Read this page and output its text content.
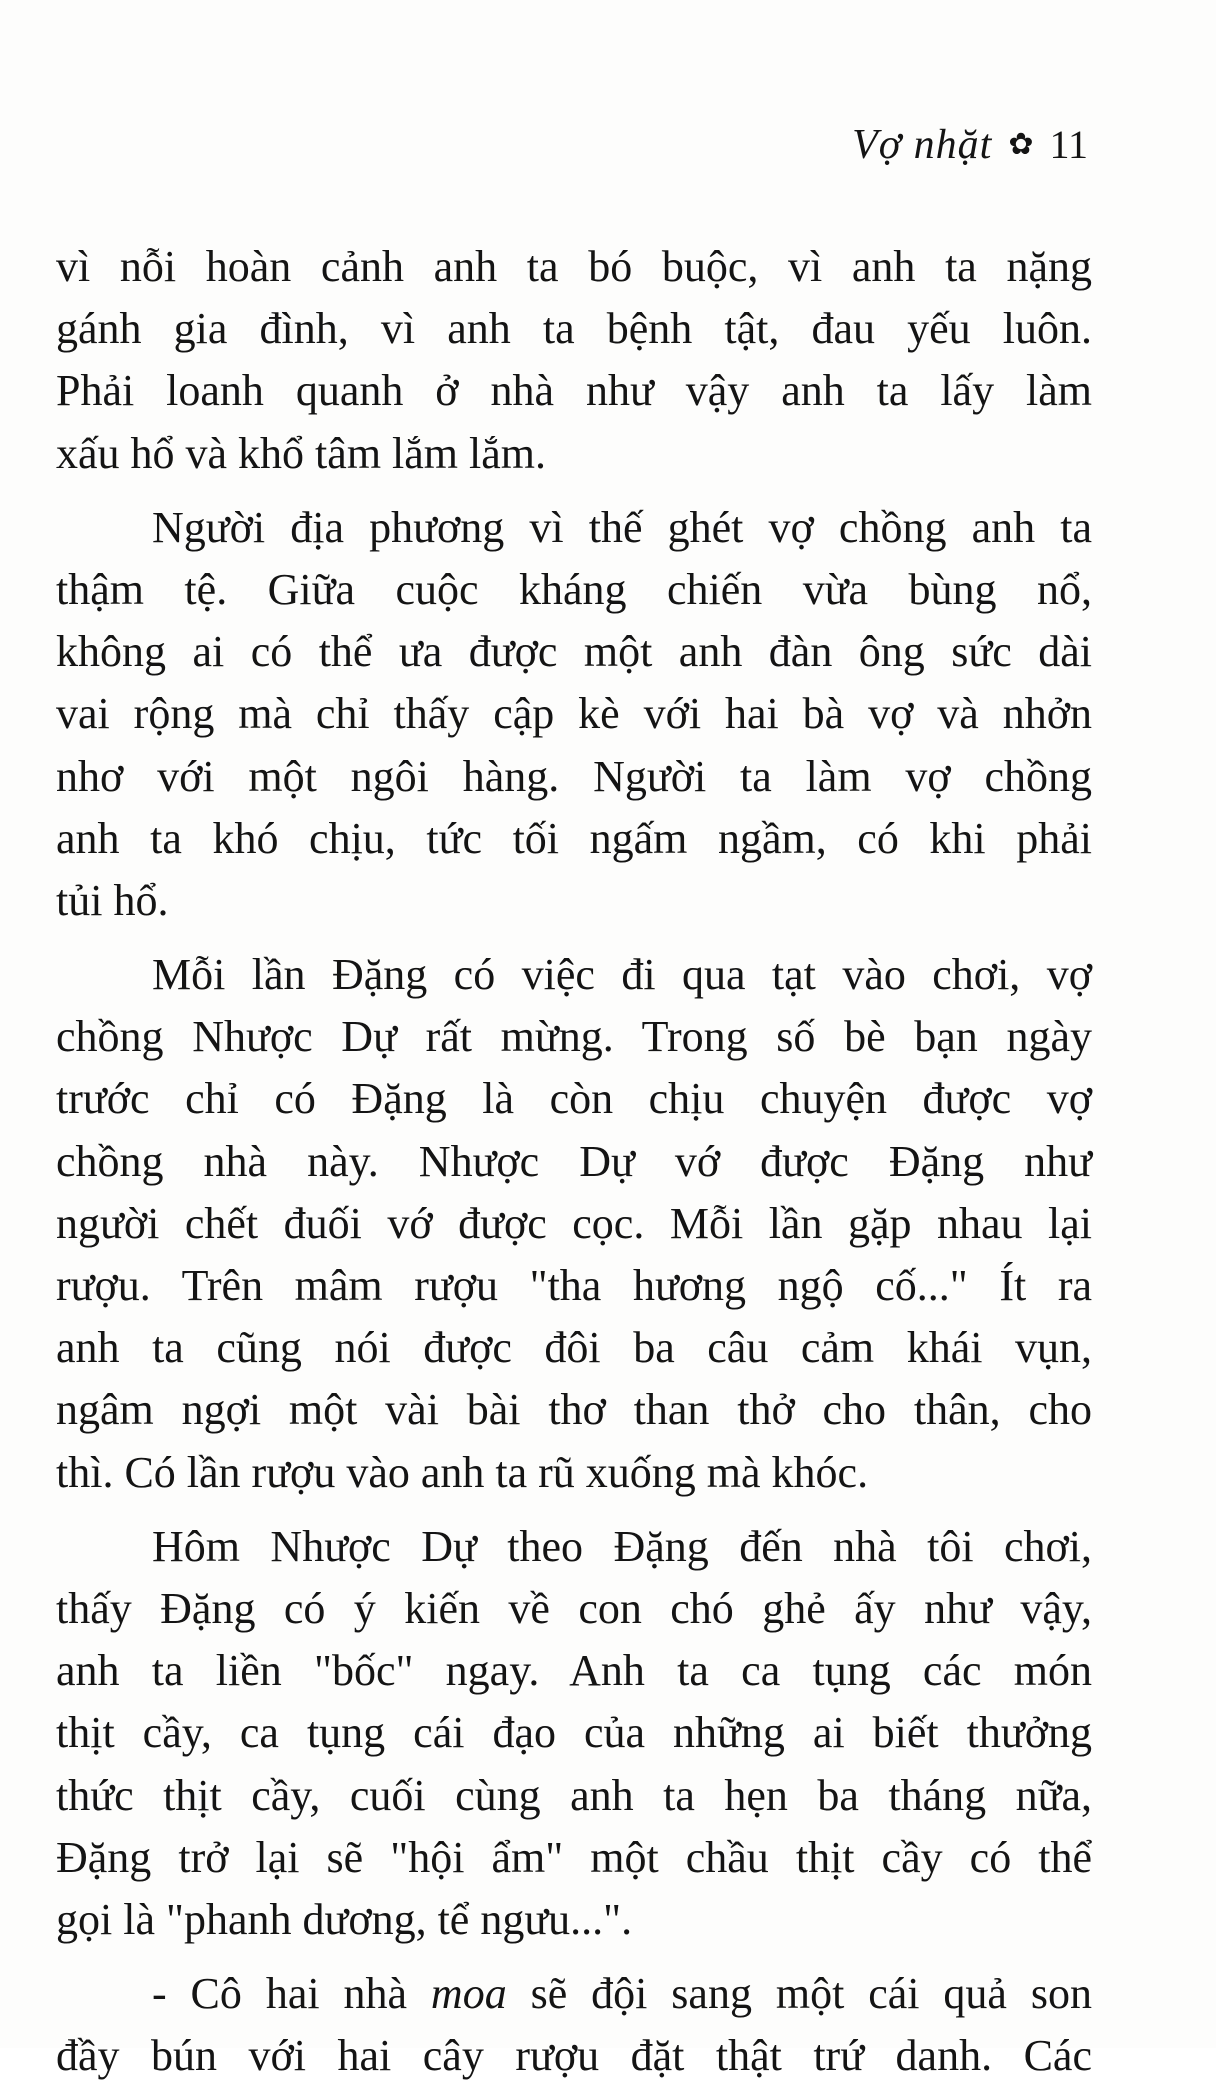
Vợ nhặt ✿ 11
vì nỗi hoàn cảnh anh ta bó buộc, vì anh ta nặng
gánh gia đình, vì anh ta bệnh tật, đau yếu luôn.
Phải loanh quanh ở nhà như vậy anh ta lấy làm
xấu hổ và khổ tâm lắm lắm.
Người địa phương vì thế ghét vợ chồng anh ta
thậm tệ. Giữa cuộc kháng chiến vừa bùng nổ,
không ai có thể ưa được một anh đàn ông sức dài
vai rộng mà chỉ thấy cập kè với hai bà vợ và nhởn
nhơ với một ngôi hàng. Người ta làm vợ chồng
anh ta khó chịu, tức tối ngấm ngầm, có khi phải
tủi hổ.
Mỗi lần Đặng có việc đi qua tạt vào chơi, vợ
chồng Nhược Dự rất mừng. Trong số bè bạn ngày
trước chỉ có Đặng là còn chịu chuyện được vợ
chồng nhà này. Nhược Dự vớ được Đặng như
người chết đuối vớ được cọc. Mỗi lần gặp nhau lại
rượu. Trên mâm rượu "tha hương ngộ cố..." Ít ra
anh ta cũng nói được đôi ba câu cảm khái vụn,
ngâm ngợi một vài bài thơ than thở cho thân, cho
thì. Có lần rượu vào anh ta rũ xuống mà khóc.
Hôm Nhược Dự theo Đặng đến nhà tôi chơi,
thấy Đặng có ý kiến về con chó ghẻ ấy như vậy,
anh ta liền "bốc" ngay. Anh ta ca tụng các món
thịt cầy, ca tụng cái đạo của những ai biết thưởng
thức thịt cầy, cuối cùng anh ta hẹn ba tháng nữa,
Đặng trở lại sẽ "hội ẩm" một chầu thịt cầy có thể
gọi là "phanh dương, tể ngưu...".
- Cô hai nhà moa sẽ đội sang một cái quả son
đầy bún với hai cây rượu đặt thật trứ danh. Các
